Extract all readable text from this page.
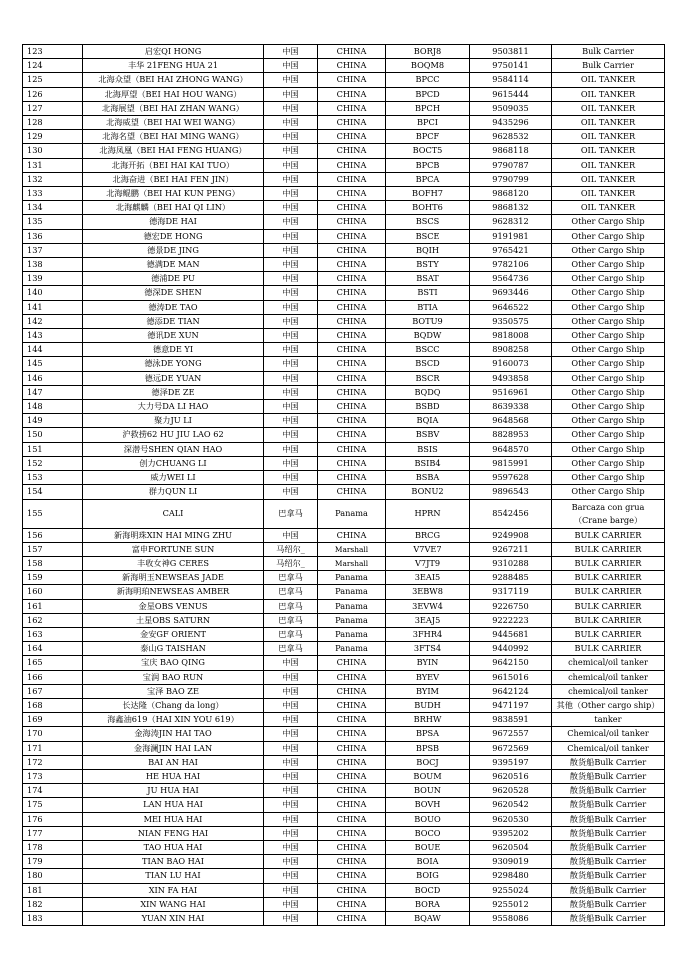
123	启宏QI HONG	中国	CHINA	BORJ8	9503811	Bulk Carrier
124	丰华 21FENG HUA 21	中国	CHINA	BOQM8	9750141	Bulk Carrier
125	北海众望（BEI HAI ZHONG WANG）	中国	CHINA	BPCC	9584114	OIL TANKER
126	北海厚望（BEI HAI HOU WANG）	中国	CHINA	BPCD	9615444	OIL TANKER
127	北海展望（BEI HAI ZHAN WANG）	中国	CHINA	BPCH	9509035	OIL TANKER
128	北海威望（BEI HAI WEI WANG）	中国	CHINA	BPCI	9435296	OIL TANKER
129	北海名望（BEI HAI MING WANG）	中国	CHINA	BPCF	9628532	OIL TANKER
130	北海凤凰（BEI HAI FENG HUANG）	中国	CHINA	BOCT5	9868118	OIL TANKER
131	北海开拓（BEI HAI KAI TUO）	中国	CHINA	BPCB	9790787	OIL TANKER
132	北海奋进（BEI HAI FEN JIN）	中国	CHINA	BPCA	9790799	OIL TANKER
133	北海鲲鹏（BEI HAI KUN PENG）	中国	CHINA	BOFH7	9868120	OIL TANKER
134	北海麒麟（BEI HAI QI LIN）	中国	CHINA	BOHT6	9868132	OIL TANKER
135	德海DE HAI	中国	CHINA	BSCS	9628312	Other Cargo Ship
136	德宏DE HONG	中国	CHINA	BSCE	9191981	Other Cargo Ship
137	德景DE JING	中国	CHINA	BQIH	9765421	Other Cargo Ship
138	德满DE MAN	中国	CHINA	BSTY	9782106	Other Cargo Ship
139	德浦DE PU	中国	CHINA	BSAT	9564736	Other Cargo Ship
140	德深DE SHEN	中国	CHINA	BSTI	9693446	Other Cargo Ship
141	德涛DE TAO	中国	CHINA	BTIA	9646522	Other Cargo Ship
142	德添DE TIAN	中国	CHINA	BOTU9	9350575	Other Cargo Ship
143	德讯DE XUN	中国	CHINA	BQDW	9818008	Other Cargo Ship
144	德意DE YI	中国	CHINA	BSCC	8908258	Other Cargo Ship
145	德泳DE YONG	中国	CHINA	BSCD	9160073	Other Cargo Ship
146	德远DE YUAN	中国	CHINA	BSCR	9493858	Other Cargo Ship
147	德泽DE ZE	中国	CHINA	BQDQ	9516961	Other Cargo Ship
148	大力号DA LI HAO	中国	CHINA	BSBD	8639338	Other Cargo Ship
149	聚力JU LI	中国	CHINA	BQIA	9648568	Other Cargo Ship
150	沪救捞62 HU JIU LAO 62	中国	CHINA	BSBV	8828953	Other Cargo Ship
151	深潜号SHEN QIAN HAO	中国	CHINA	BSIS	9648570	Other Cargo Ship
152	创力CHUANG LI	中国	CHINA	BSIB4	9815991	Other Cargo Ship
153	威力WEI LI	中国	CHINA	BSBA	9597628	Other Cargo Ship
154	群力QUN LI	中国	CHINA	BONU2	9896543	Other Cargo Ship
155	CALI	巴拿马	Panama	HPRN	8542456	Barcaza con grua （Crane barge）
156	新海明珠XIN HAI MING ZHU	中国	CHINA	BRCG	9249908	BULK CARRIER
157	富申FORTUNE SUN	马绍尔_	Marshall	V7VE7	9267211	BULK CARRIER
158	丰收女神G CERES	马绍尔_	Marshall	V7JT9	9310288	BULK CARRIER
159	新海明玉NEWSEAS JADE	巴拿马	Panama	3EAI5	9288485	BULK CARRIER
160	新海明珀NEWSEAS AMBER	巴拿马	Panama	3EBW8	9317119	BULK CARRIER
161	金星OBS VENUS	巴拿马	Panama	3EVW4	9226750	BULK CARRIER
162	土星OBS SATURN	巴拿马	Panama	3EAJ5	9222223	BULK CARRIER
163	金安GF ORIENT	巴拿马	Panama	3FHR4	9445681	BULK CARRIER
164	泰山G TAISHAN	巴拿马	Panama	3FTS4	9440992	BULK CARRIER
165	宝庆 BAO QING	中国	CHINA	BYIN	9642150	chemical/oil tanker
166	宝润 BAO RUN	中国	CHINA	BYEV	9615016	chemical/oil tanker
167	宝泽 BAO ZE	中国	CHINA	BYIM	9642124	chemical/oil tanker
168	长达隆（Chang da long）	中国	CHINA	BUDH	9471197	其他（Other cargo ship）
169	海鑫油619（HAI XIN YOU 619）	中国	CHINA	BRHW	9838591	tanker
170	金海涛JIN HAI TAO	中国	CHINA	BPSA	9672557	Chemical/oil tanker
171	金海澜JIN HAI LAN	中国	CHINA	BPSB	9672569	Chemical/oil tanker
172	BAI AN HAI	中国	CHINA	BOCJ	9395197	散货船Bulk Carrier
173	HE HUA HAI	中国	CHINA	BOUM	9620516	散货船Bulk Carrier
174	JU HUA HAI	中国	CHINA	BOUN	9620528	散货船Bulk Carrier
175	LAN HUA HAI	中国	CHINA	BOVH	9620542	散货船Bulk Carrier
176	MEI HUA HAI	中国	CHINA	BOUO	9620530	散货船Bulk Carrier
177	NIAN FENG HAI	中国	CHINA	BOCO	9395202	散货船Bulk Carrier
178	TAO HUA HAI	中国	CHINA	BOUE	9620504	散货船Bulk Carrier
179	TIAN BAO HAI	中国	CHINA	BOIA	9309019	散货船Bulk Carrier
180	TIAN LU HAI	中国	CHINA	BOIG	9298480	散货船Bulk Carrier
181	XIN FA HAI	中国	CHINA	BOCD	9255024	散货船Bulk Carrier
182	XIN WANG HAI	中国	CHINA	BORA	9255012	散货船Bulk Carrier
183	YUAN XIN HAI	中国	CHINA	BQAW	9558086	散货船Bulk Carrier
